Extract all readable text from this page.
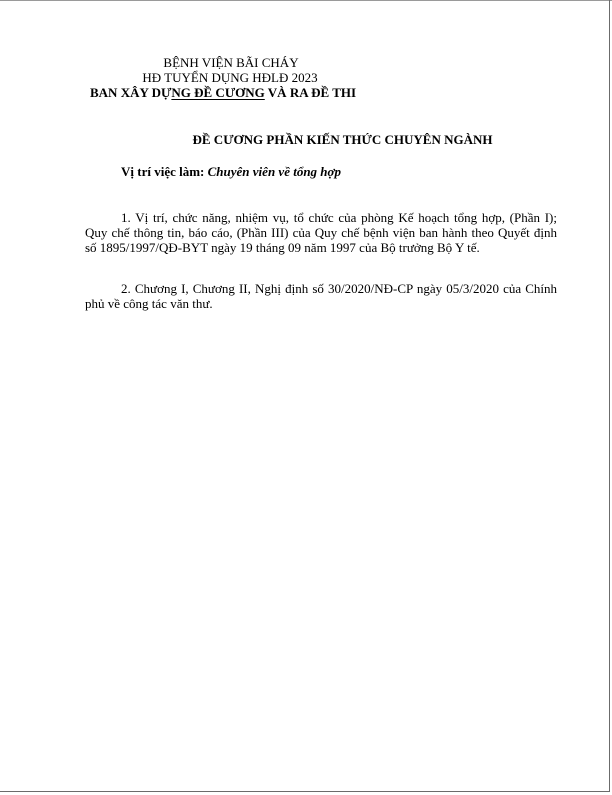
BỆNH VIỆN BÃI CHÁY
HĐ TUYỂN DỤNG HĐLĐ 2023
BAN XÂY DỰNG ĐỀ CƯƠNG VÀ RA ĐỀ THI
ĐỀ CƯƠNG PHẦN KIẾN THỨC CHUYÊN NGÀNH
Vị trí việc làm: Chuyên viên về tổng hợp
1. Vị trí, chức năng, nhiệm vụ, tổ chức của phòng Kế hoạch tổng hợp, (Phần I); Quy chế thông tin, báo cáo, (Phần III) của Quy chế bệnh viện ban hành theo Quyết định số 1895/1997/QĐ-BYT ngày 19 tháng 09 năm 1997 của Bộ trưởng Bộ Y tế.
2. Chương I, Chương II, Nghị định số 30/2020/NĐ-CP ngày 05/3/2020 của Chính phủ về công tác văn thư.
